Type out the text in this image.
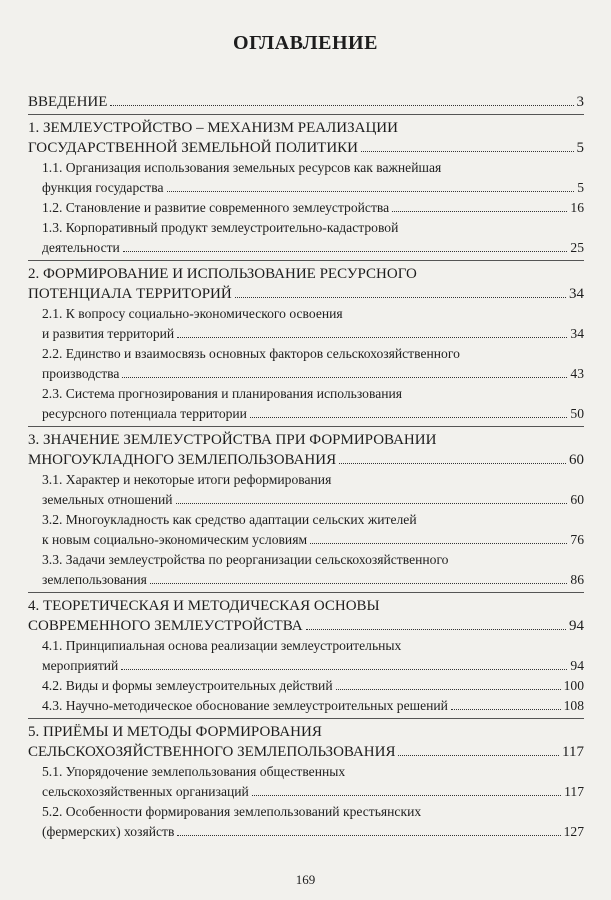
ОГЛАВЛЕНИЕ
ВВЕДЕНИЕ	3
1. ЗЕМЛЕУСТРОЙСТВО – МЕХАНИЗМ РЕАЛИЗАЦИИ
ГОСУДАРСТВЕННОЙ ЗЕМЕЛЬНОЙ ПОЛИТИКИ	5
1.1. Организация использования земельных ресурсов как важнейшая
функция государства	5
1.2. Становление и развитие современного землеустройства	16
1.3. Корпоративный продукт землеустроительно-кадастровой
деятельности	25
2. ФОРМИРОВАНИЕ И ИСПОЛЬЗОВАНИЕ РЕСУРСНОГО
ПОТЕНЦИАЛА ТЕРРИТОРИЙ	34
2.1. К вопросу социально-экономического освоения
и развития территорий	34
2.2. Единство и взаимосвязь основных факторов сельскохозяйственного
производства	43
2.3. Система прогнозирования и планирования использования
ресурсного потенциала территории	50
3. ЗНАЧЕНИЕ ЗЕМЛЕУСТРОЙСТВА ПРИ ФОРМИРОВАНИИ
МНОГОУКЛАДНОГО ЗЕМЛЕПОЛЬЗОВАНИЯ	60
3.1. Характер и некоторые итоги реформирования
земельных отношений	60
3.2. Многоукладность как средство адаптации сельских жителей
к новым социально-экономическим условиям	76
3.3. Задачи землеустройства по реорганизации сельскохозяйственного
землепользования	86
4. ТЕОРЕТИЧЕСКАЯ И МЕТОДИЧЕСКАЯ ОСНОВЫ
СОВРЕМЕННОГО ЗЕМЛЕУСТРОЙСТВА	94
4.1. Принципиальная основа реализации землеустроительных
мероприятий	94
4.2. Виды и формы землеустроительных действий	100
4.3. Научно-методическое обоснование землеустроительных решений	108
5. ПРИЁМЫ И МЕТОДЫ ФОРМИРОВАНИЯ
СЕЛЬСКОХОЗЯЙСТВЕННОГО ЗЕМЛЕПОЛЬЗОВАНИЯ	117
5.1. Упорядочение землепользования общественных
сельскохозяйственных организаций	117
5.2. Особенности формирования землепользований крестьянских
(фермерских) хозяйств	127
169
